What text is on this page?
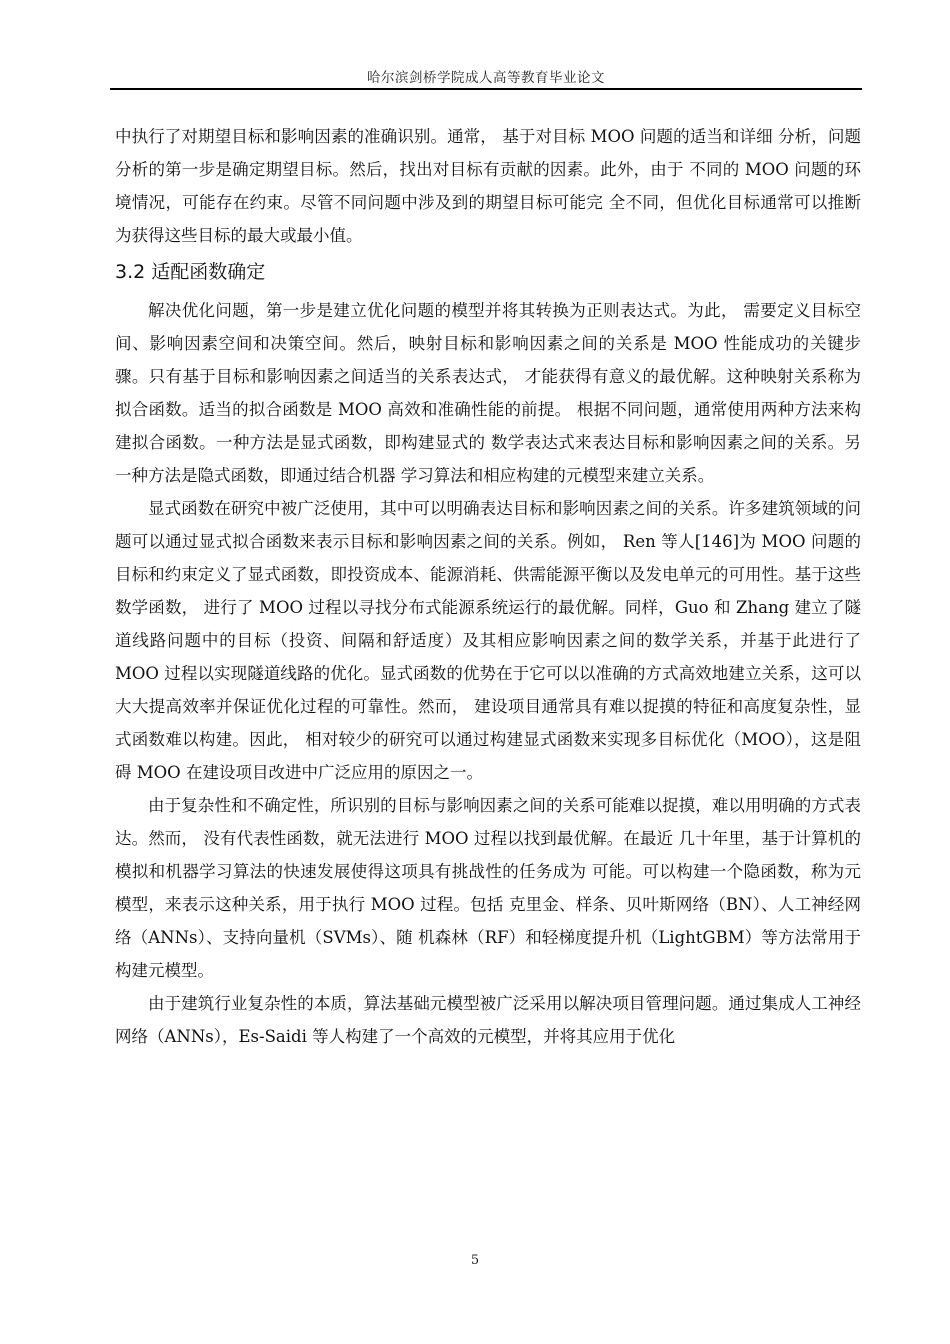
哈尔滨剑桥学院成人高等教育毕业论文

中执行了对期望目标和影响因素的准确识别。通常， 基于对目标 MOO 问题的适当和详细 分析，问题分析的第一步是确定期望目标。然后，找出对目标有贡献的因素。此外，由于 不同的 MOO 问题的环境情况，可能存在约束。尽管不同问题中涉及到的期望目标可能完 全不同，但优化目标通常可以推断为获得这些目标的最大或最小值。

3.2 适配函数确定

解决优化问题，第一步是建立优化问题的模型并将其转换为正则表达式。为此， 需要定义目标空间、影响因素空间和决策空间。然后，映射目标和影响因素之间的关系是 MOO 性能成功的关键步骤。只有基于目标和影响因素之间适当的关系表达式， 才能获得有意义的最优解。这种映射关系称为拟合函数。适当的拟合函数是 MOO 高效和准确性能的前提。 根据不同问题，通常使用两种方法来构建拟合函数。一种方法是显式函数，即构建显式的 数学表达式来表达目标和影响因素之间的关系。另一种方法是隐式函数，即通过结合机器 学习算法和相应构建的元模型来建立关系。

显式函数在研究中被广泛使用，其中可以明确表达目标和影响因素之间的关系。许多建筑领域的问题可以通过显式拟合函数来表示目标和影响因素之间的关系。例如， Ren 等人[146]为 MOO 问题的目标和约束定义了显式函数，即投资成本、能源消耗、供需能源平衡以及发电单元的可用性。基于这些数学函数， 进行了 MOO 过程以寻找分布式能源系统运行的最优解。同样，Guo 和 Zhang 建立了隧道线路问题中的目标（投资、间隔和舒适度）及其相应影响因素之间的数学关系，并基于此进行了 MOO 过程以实现隧道线路的优化。显式函数的优势在于它可以以准确的方式高效地建立关系，这可以大大提高效率并保证优化过程的可靠性。然而， 建设项目通常具有难以捉摸的特征和高度复杂性，显式函数难以构建。因此， 相对较少的研究可以通过构建显式函数来实现多目标优化（MOO），这是阻碍 MOO 在建设项目改进中广泛应用的原因之一。

由于复杂性和不确定性，所识别的目标与影响因素之间的关系可能难以捉摸，难以用明确的方式表达。然而， 没有代表性函数，就无法进行 MOO 过程以找到最优解。在最近 几十年里，基于计算机的模拟和机器学习算法的快速发展使得这项具有挑战性的任务成为 可能。可以构建一个隐函数，称为元模型，来表示这种关系，用于执行 MOO 过程。包括 克里金、样条、贝叶斯网络（BN）、人工神经网络（ANNs）、支持向量机（SVMs）、随 机森林（RF）和轻梯度提升机（LightGBM）等方法常用于构建元模型。

由于建筑行业复杂性的本质，算法基础元模型被广泛采用以解决项目管理问题。通过集成人工神经网络（ANNs），Es-Saidi 等人构建了一个高效的元模型，并将其应用于优化

5
